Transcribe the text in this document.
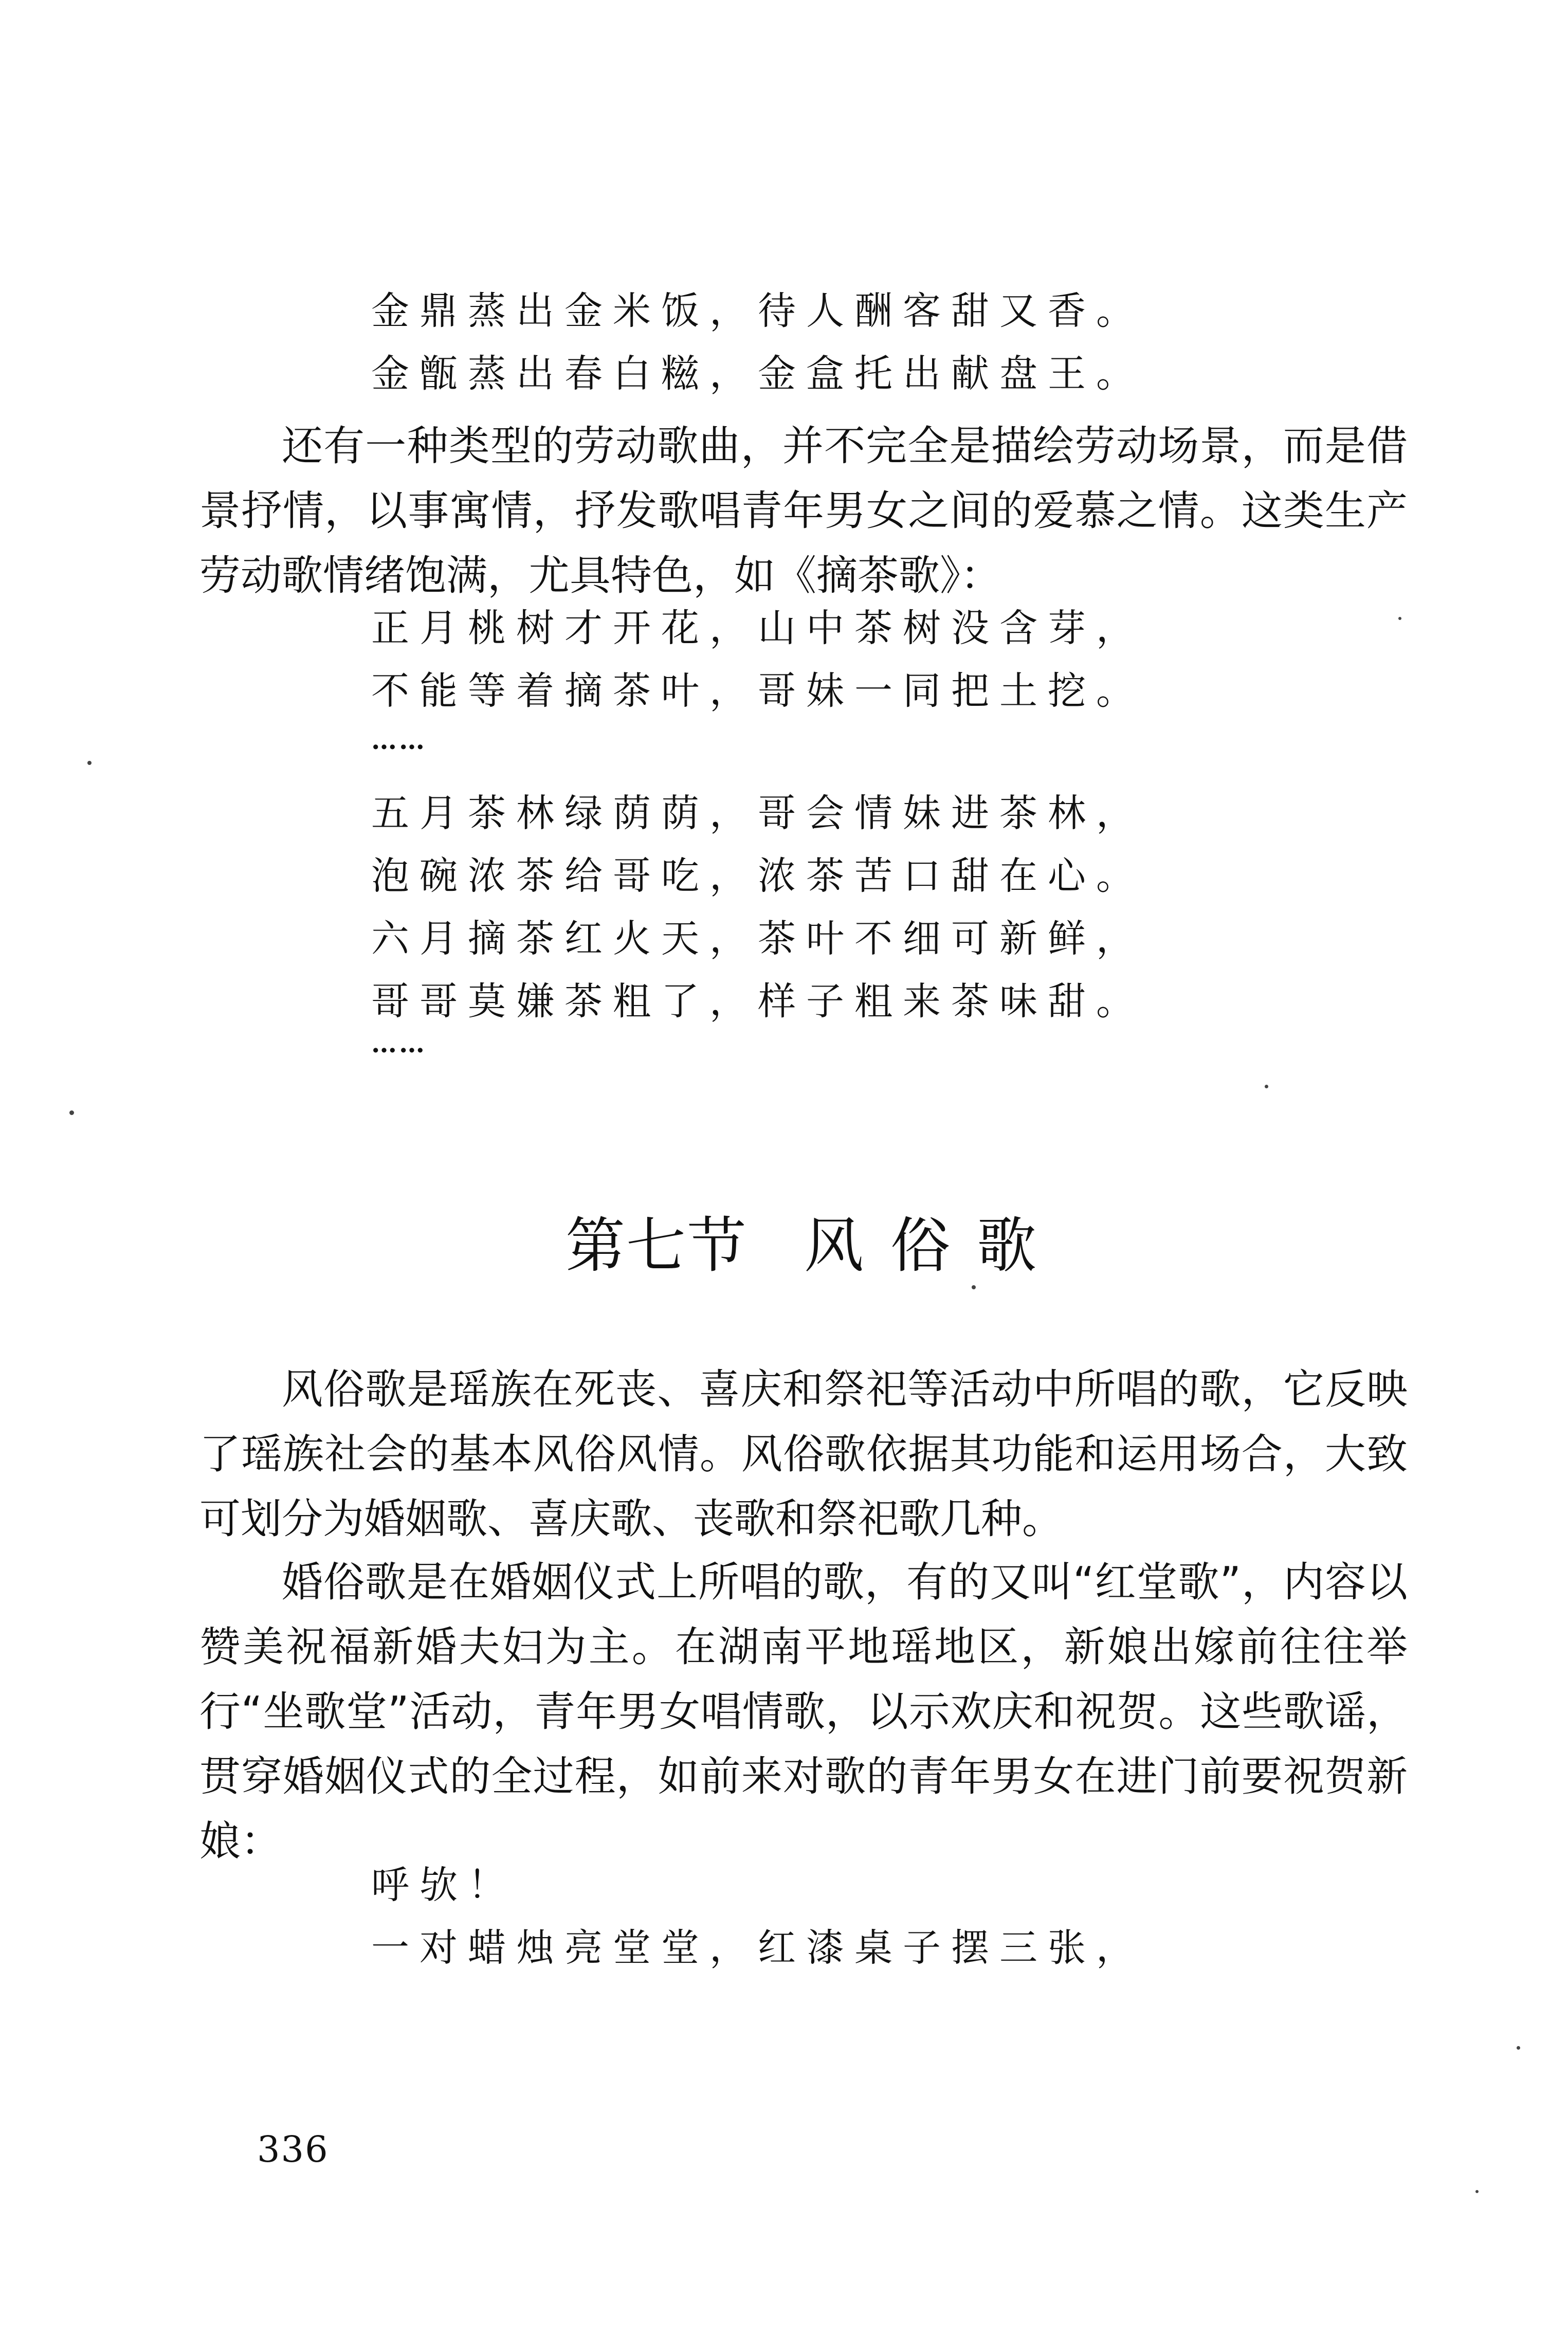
金鼎蒸出金米饭，待人酬客甜又香。
金甑蒸出春白糍，金盒托出献盘王。

还有一种类型的劳动歌曲，并不完全是描绘劳动场景，而是借景抒情，以事寓情，抒发歌唱青年男女之间的爱慕之情。这类生产劳动歌情绪饱满，尤具特色，如《摘茶歌》：

正月桃树才开花，山中茶树没含芽，
不能等着摘茶叶，哥妹一同把土挖。
……
五月茶林绿荫荫，哥会情妹进茶林，
泡碗浓茶给哥吃，浓茶苦口甜在心。
六月摘茶红火天，茶叶不细可新鲜，
哥哥莫嫌茶粗了，样子粗来茶味甜。
……
第七节 风俗歌

风俗歌是瑶族在死丧、喜庆和祭祀等活动中所唱的歌，它反映了瑶族社会的基本风俗风情。风俗歌依据其功能和运用场合，大致可划分为婚姻歌、喜庆歌、丧歌和祭祀歌几种。

婚俗歌是在婚姻仪式上所唱的歌，有的又叫“红堂歌”，内容以赞美祝福新婚夫妇为主。在湖南平地瑶地区，新娘出嫁前往往举行“坐歌堂”活动，青年男女唱情歌，以示欢庆和祝贺。这些歌谣，贯穿婚姻仪式的全过程，如前来对歌的青年男女在进门前要祝贺新娘：

呼欤！
一对蜡烛亮堂堂，红漆桌子摆三张，
336
